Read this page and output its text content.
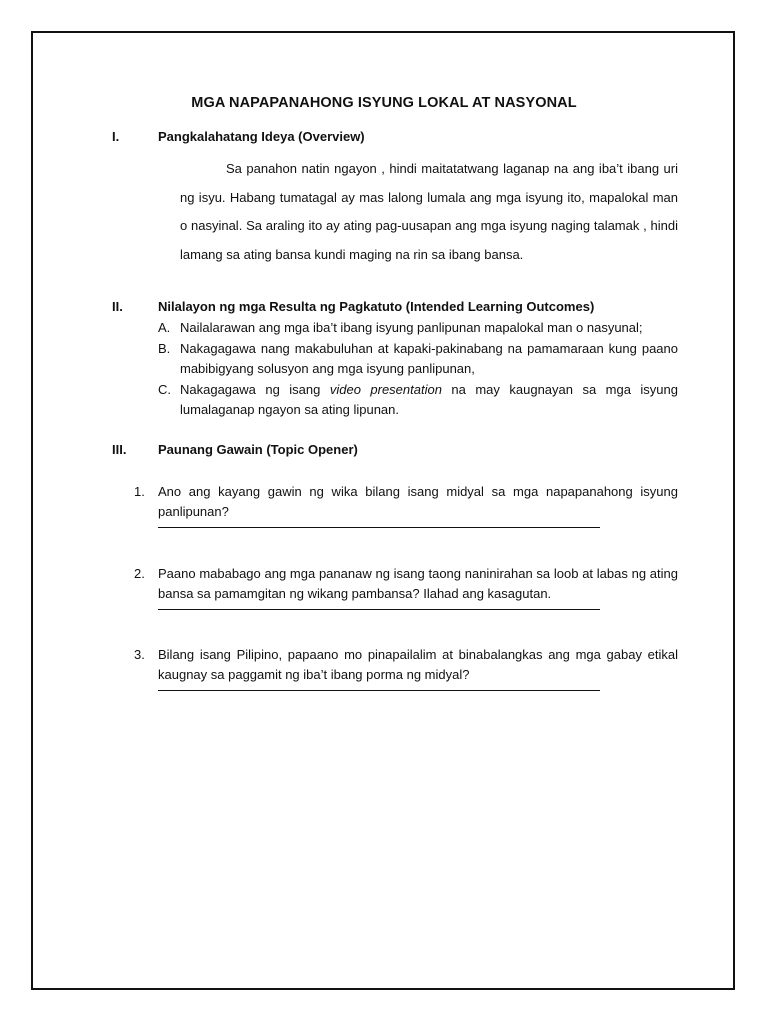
MGA NAPAPANAHONG ISYUNG LOKAL AT NASYONAL
I.	Pangkalahatang Ideya (Overview)

Sa panahon natin ngayon , hindi maitatatwang laganap na ang iba’t ibang uri ng isyu. Habang tumatagal ay mas lalong lumala ang mga isyung ito, mapalokal man o nasyinal. Sa araling ito ay ating pag-uusapan ang mga isyung naging talamak , hindi lamang sa ating bansa kundi maging na rin sa ibang bansa.

II.	Nilalayon ng mga Resulta ng Pagkatuto (Intended Learning Outcomes)
A. Nailalarawan ang mga iba’t ibang isyung panlipunan mapalokal man o nasyunal;
B. Nakagagawa nang makabuluhan at kapaki-pakinabang na pamamaraan kung paano mabibigyang solusyon ang mga isyung panlipunan,
C. Nakagagawa ng isang video presentation na may kaugnayan sa mga isyung lumalaganap ngayon sa ating lipunan.
III. Paunang Gawain (Topic Opener)
1. Ano ang kayang gawin ng wika bilang isang midyal sa mga napapanahong isyung panlipunan?
2. Paano mababago ang mga pananaw ng isang taong naninirahan sa loob at labas ng ating bansa sa pamamgitan ng wikang pambansa? Ilahad ang kasagutan.
3. Bilang isang Pilipino, papaano mo pinapailalim at binabalangkas ang mga gabay etikal kaugnay sa paggamit ng iba’t ibang porma ng midyal?
